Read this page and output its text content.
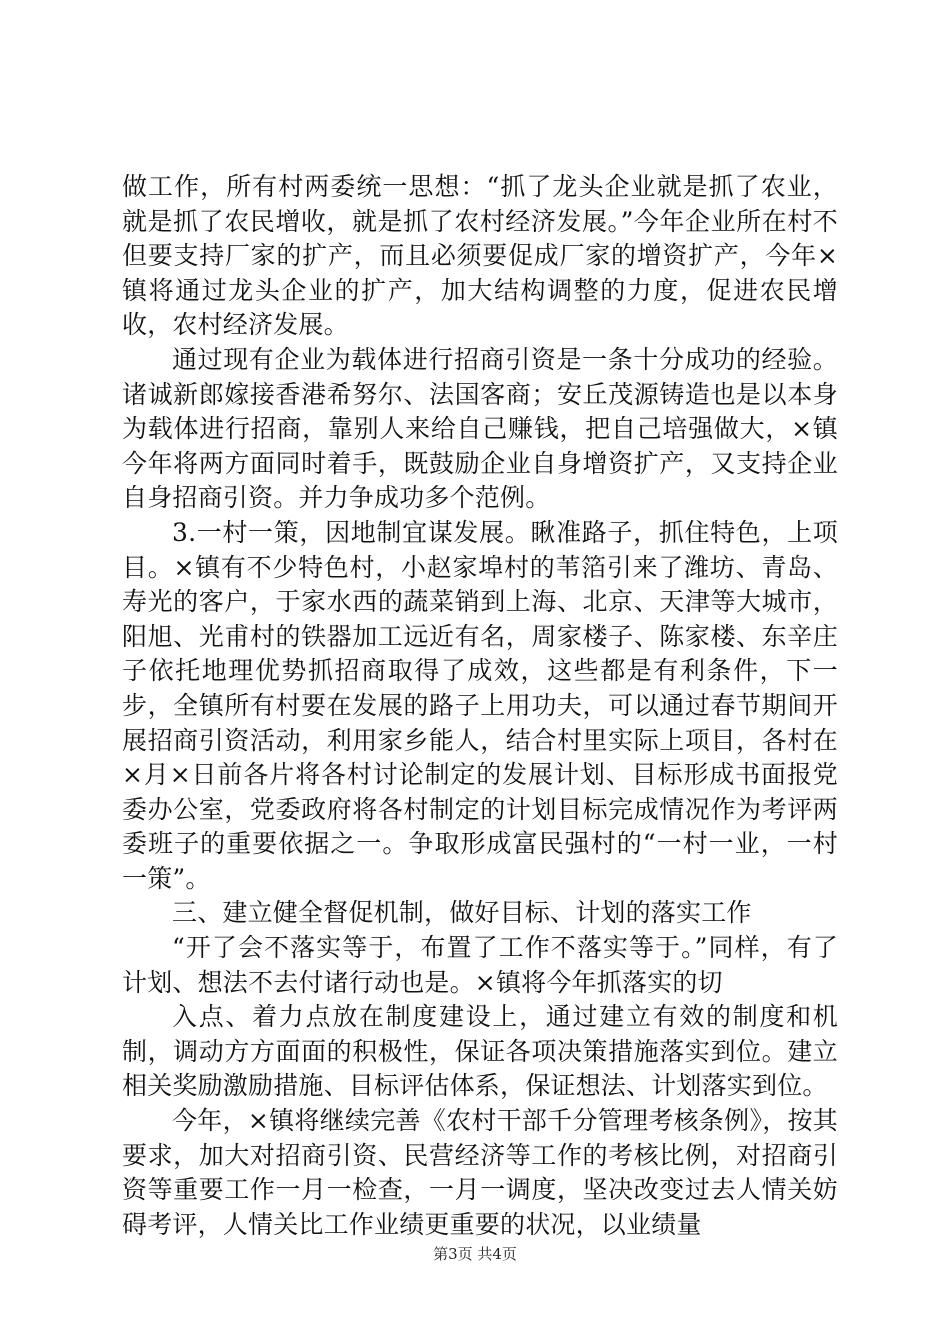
做工作，所有村两委统一思想：“抓了龙头企业就是抓了农业，就是抓了农民增收，就是抓了农村经济发展。”今年企业所在村不但要支持厂家的扩产，而且必须要促成厂家的增资扩产，今年×镇将通过龙头企业的扩产，加大结构调整的力度，促进农民增收，农村经济发展。

通过现有企业为载体进行招商引资是一条十分成功的经验。诸诚新郎嫁接香港希努尔、法国客商；安丘茂源铸造也是以本身为载体进行招商，靠别人来给自己赚钱，把自己培强做大，×镇今年将两方面同时着手，既鼓励企业自身增资扩产，又支持企业自身招商引资。并力争成功多个范例。

3.一村一策，因地制宜谋发展。瞅准路子，抓住特色，上项目。×镇有不少特色村，小赵家埠村的苇箔引来了潍坊、青岛、寿光的客户，于家水西的蔬菜销到上海、北京、天津等大城市，阳旭、光甫村的铁器加工远近有名，周家楼子、陈家楼、东辛庄子依托地理优势抓招商取得了成效，这些都是有利条件，下一步，全镇所有村要在发展的路子上用功夫，可以通过春节期间开展招商引资活动，利用家乡能人，结合村里实际上项目，各村在×月×日前各片将各村讨论制定的发展计划、目标形成书面报党委办公室，党委政府将各村制定的计划目标完成情况作为考评两委班子的重要依据之一。争取形成富民强村的“一村一业，一村一策”。

三、建立健全督促机制，做好目标、计划的落实工作

“开了会不落实等于，布置了工作不落实等于。”同样，有了计划、想法不去付诸行动也是。×镇将今年抓落实的切

入点、着力点放在制度建设上，通过建立有效的制度和机制，调动方方面面的积极性，保证各项决策措施落实到位。建立相关奖励激励措施、目标评估体系，保证想法、计划落实到位。

今年，×镇将继续完善《农村干部千分管理考核条例》，按其要求，加大对招商引资、民营经济等工作的考核比例，对招商引资等重要工作一月一检查，一月一调度，坚决改变过去人情关妨碍考评，人情关比工作业绩更重要的状况，以业绩量

第3页 共4页
